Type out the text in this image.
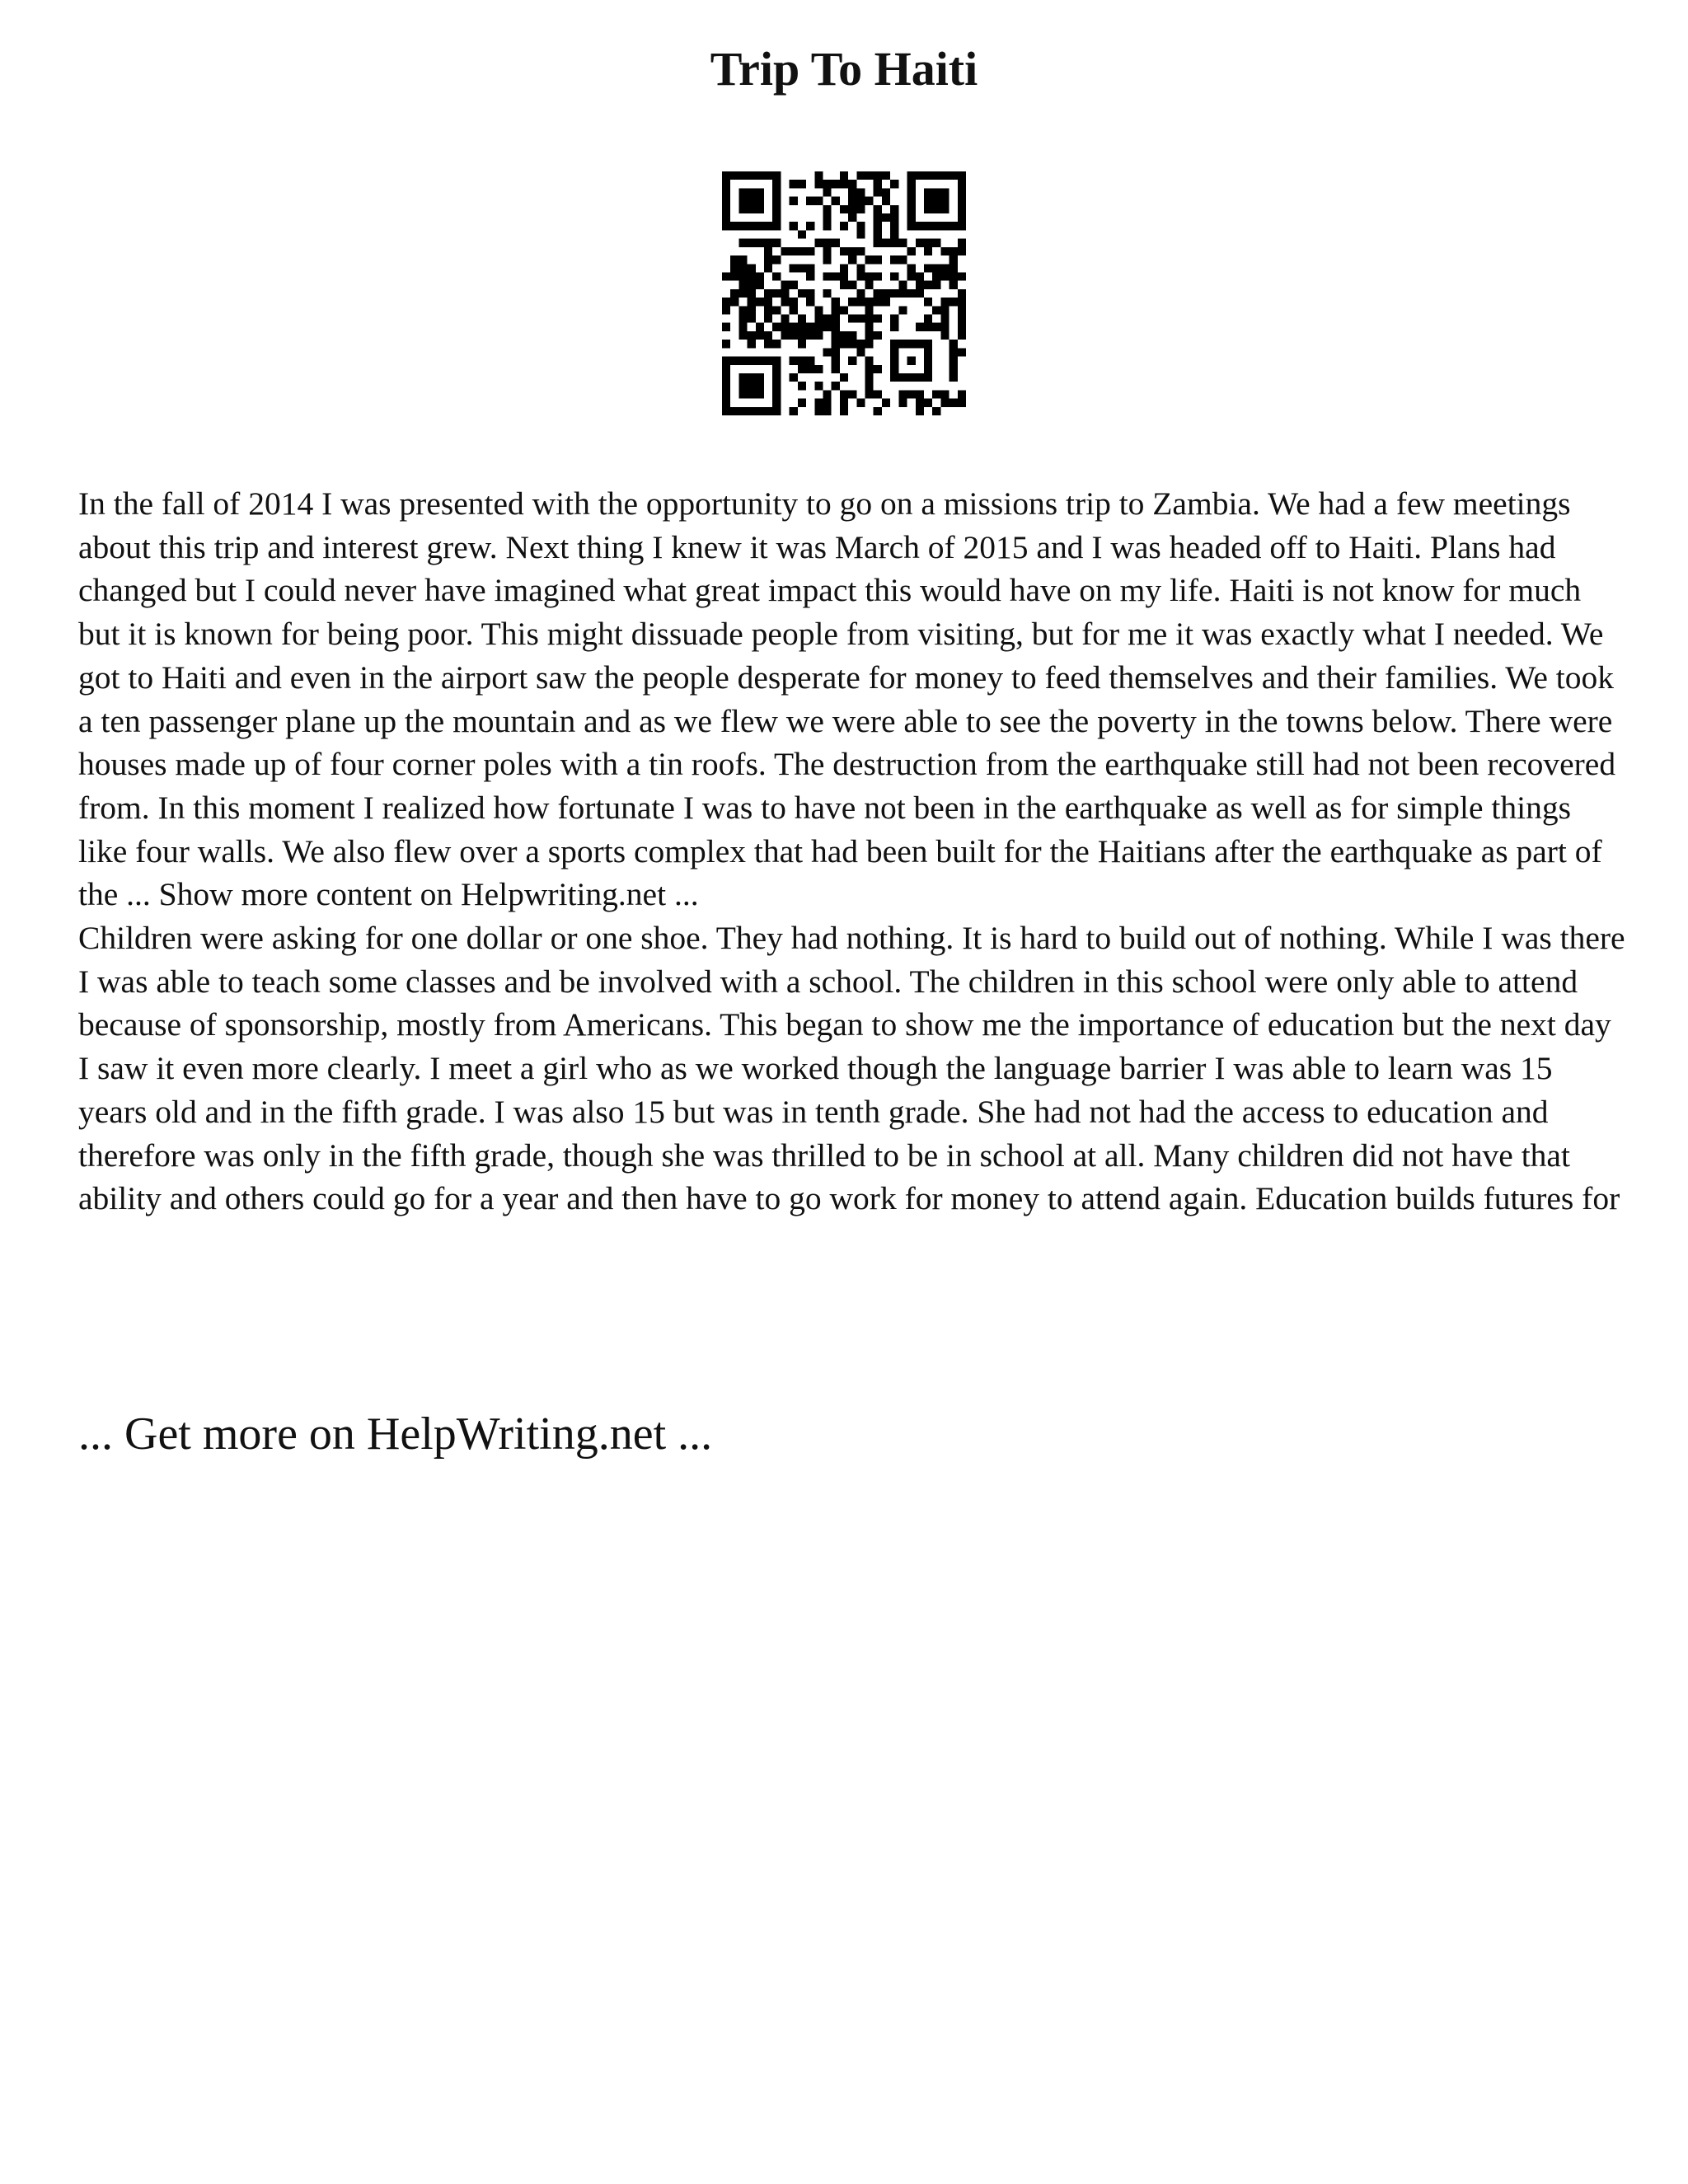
Trip To Haiti

In the fall of 2014 I was presented with the opportunity to go on a missions trip to Zambia. We had a few meetings about this trip and interest grew. Next thing I knew it was March of 2015 and I was headed off to Haiti. Plans had changed but I could never have imagined what great impact this would have on my life. Haiti is not know for much but it is known for being poor. This might dissuade people from visiting, but for me it was exactly what I needed. We got to Haiti and even in the airport saw the people desperate for money to feed themselves and their families. We took a ten passenger plane up the mountain and as we flew we were able to see the poverty in the towns below. There were houses made up of four corner poles with a tin roofs. The destruction from the earthquake still had not been recovered from. In this moment I realized how fortunate I was to have not been in the earthquake as well as for simple things like four walls. We also flew over a sports complex that had been built for the Haitians after the earthquake as part of the ... Show more content on Helpwriting.net ...

Children were asking for one dollar or one shoe. They had nothing. It is hard to build out of nothing. While I was there I was able to teach some classes and be involved with a school. The children in this school were only able to attend because of sponsorship, mostly from Americans. This began to show me the importance of education but the next day I saw it even more clearly. I meet a girl who as we worked though the language barrier I was able to learn was 15 years old and in the fifth grade. I was also 15 but was in tenth grade. She had not had the access to education and therefore was only in the fifth grade, though she was thrilled to be in school at all. Many children did not have that ability and others could go for a year and then have to go work for money to attend again. Education builds futures for

... Get more on HelpWriting.net ...
